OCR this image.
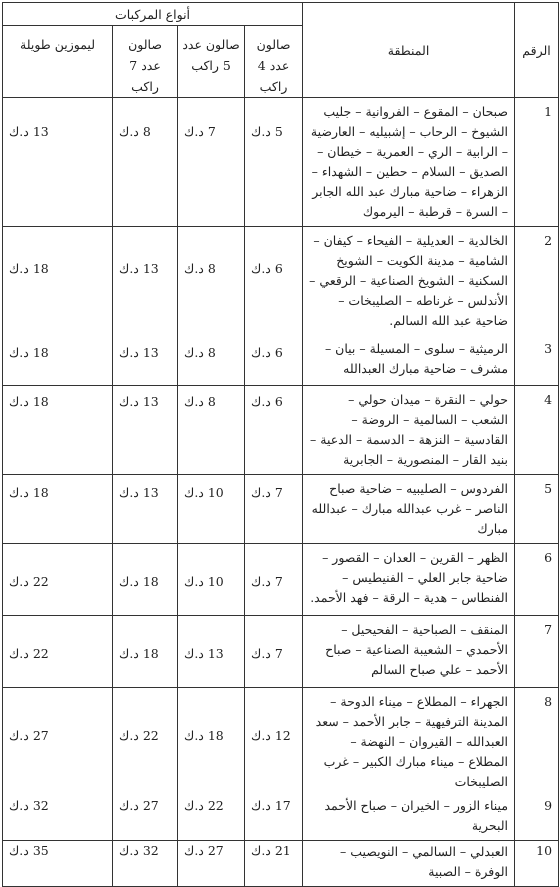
الرقم	المنطقة	أنواع المركبات			
		صالون عدد 4 راكب	صالون عدد 5 راكب	صالون عدد 7 راكب	ليموزين طويلة
1	صبحان – المقوع – الفروانية – جليب الشيوخ – الرحاب – إشبيليه – العارضية – الرابية – الري – العمرية – خيطان – الصديق – السلام – حطين – الشهداء – الزهراء – ضاحية مبارك عبد الله الجابر – السرة – قرطبة – اليرموك	5 د.ك	7 د.ك	8 د.ك	13 د.ك
2	الخالدية – العديلية – الفيحاء – كيفان – الشامية – مدينة الكويت – الشويخ السكنية – الشويخ الصناعية – الرقعي – الأندلس – غرناطه – الصليبخات – ضاحية عبد الله السالم.	6 د.ك	8 د.ك	13 د.ك	18 د.ك
3	الرميثية – سلوى – المسيلة – بيان – مشرف – ضاحية مبارك العبدالله	6 د.ك	8 د.ك	13 د.ك	18 د.ك
4	حولي – النقرة – ميدان حولي – الشعب – السالمية – الروضة – القادسية – النزهة – الدسمة – الدعية – بنيد القار – المنصورية – الجابرية	6 د.ك	8 د.ك	13 د.ك	18 د.ك
5	الفردوس – الصليبيه – ضاحية صباح الناصر – غرب عبدالله مبارك – عبدالله مبارك	7 د.ك	10 د.ك	13 د.ك	18 د.ك
6	الظهر – القرين – العدان – القصور – ضاحية جابر العلي – الفنيطيس – الفنطاس – هدية – الرقة – فهد الأحمد.	7 د.ك	10 د.ك	18 د.ك	22 د.ك
7	المنقف – الصباحية – الفحيحيل – الأحمدي – الشعيبة الصناعية – صباح الأحمد – علي صباح السالم	7 د.ك	13 د.ك	18 د.ك	22 د.ك
8	الجهراء – المطلاع – ميناء الدوحة – المدينة الترفيهية – جابر الأحمد – سعد العبدالله – القيروان – النهضة – المطلاع – ميناء مبارك الكبير – غرب الصليبخات	12 د.ك	18 د.ك	22 د.ك	27 د.ك
9	ميناء الزور – الخيران – صباح الأحمد البحرية	17 د.ك	22 د.ك	27 د.ك	32 د.ك
10	العبدلي – السالمي – النويصيب – الوفرة – الصبية	21 د.ك	27 د.ك	32 د.ك	35 د.ك
